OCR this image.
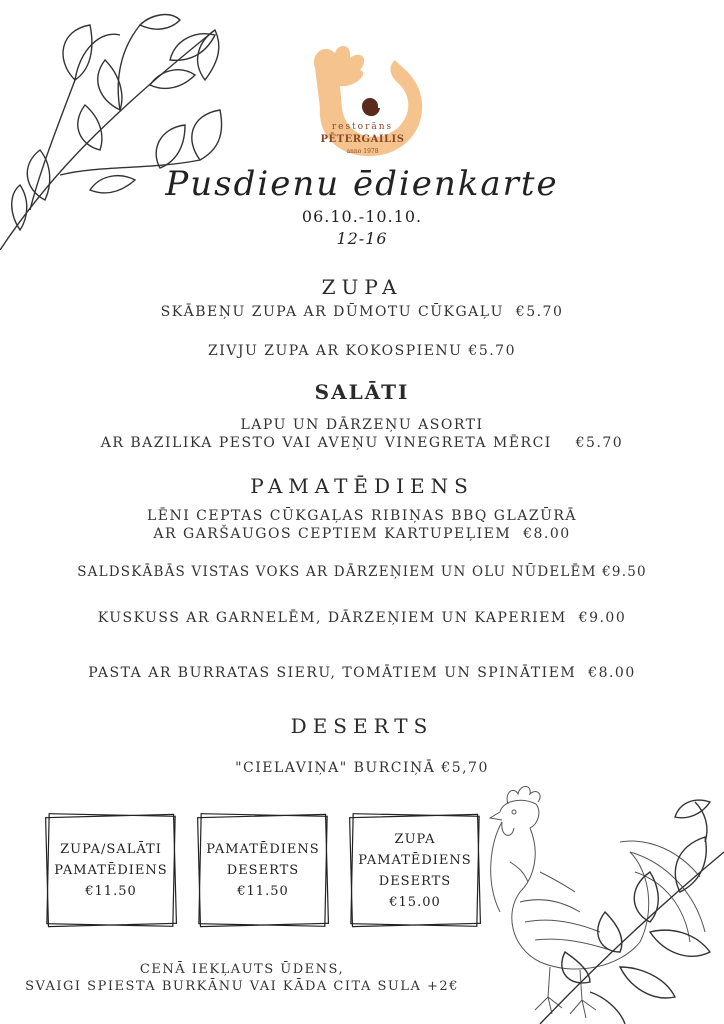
restorāns
PĒTERGAILIS
anno 1978
Pusdienu ēdienkarte
06.10.-10.10.
12-16
ZUPA
SKĀBEŅU ZUPA AR DŪMOTU CŪKGAĻU  €5.70
ZIVJU ZUPA AR KOKOSPIENU €5.70
SALĀTI
LAPU UN DĀRZEŅU ASORTI
AR BAZILIKA PESTO VAI AVEŅU VINEGRETA MĒRCI    €5.70
PAMATĒDIENS
LĒNI CEPTAS CŪKGAĻAS RIBIŅAS BBQ GLAZŪRĀ
AR GARŠAUGOS CEPTIEM KARTUPEĻIEM  €8.00
SALDSKĀBĀS VISTAS VOKS AR DĀRZEŅIEM UN OLU NŪDELĒM €9.50
KUSKUSS AR GARNELĒM, DĀRZEŅIEM UN KAPERIEM  €9.00
PASTA AR BURRATAS SIERU, TOMĀTIEM UN SPINĀTIEM  €8.00
DESERTS
"CIELAVIŅA" BURCIŅĀ €5,70
ZUPA/SALĀTI
PAMATĒDIENS
€11.50
PAMATĒDIENS
DESERTS
€11.50
ZUPA
PAMATĒDIENS
DESERTS
€15.00
CENĀ IEKĻAUTS ŪDENS,
SVAIGI SPIESTA BURKĀNU VAI KĀDA CITA SULA +2€
